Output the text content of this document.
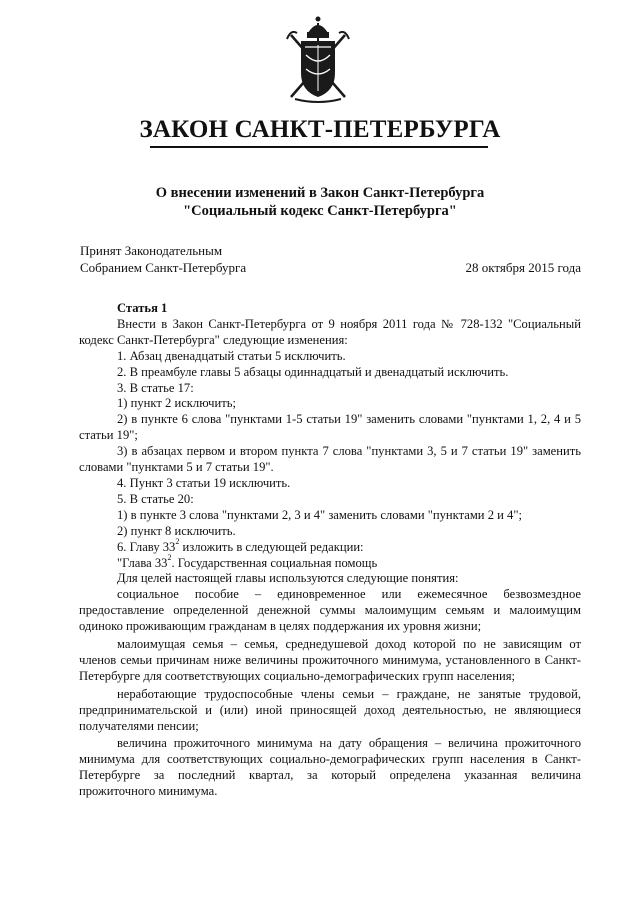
ЗАКОН САНКТ-ПЕТЕРБУРГА
О внесении изменений в Закон Санкт-Петербурга
"Социальный кодекс Санкт-Петербурга"
Принят Законодательным
Собранием Санкт-Петербурга	28 октября 2015 года

Статья 1

Внести в Закон Санкт-Петербурга от 9 ноября 2011 года № 728-132 "Социальный

кодекс Санкт-Петербурга" следующие изменения:

1. Абзац двенадцатый статьи 5 исключить.

2. В преамбуле главы 5 абзацы одиннадцатый и двенадцатый исключить.

3. В статье 17:

1) пункт 2 исключить;

2) в пункте 6 слова "пунктами 1-5 статьи 19" заменить словами "пунктами 1, 2, 4 и 5

статьи 19";

3) в абзацах первом и втором пункта 7 слова "пунктами 3, 5 и 7 статьи 19" заменить

словами "пунктами 5 и 7 статьи 19".

4. Пункт 3 статьи 19 исключить.

5. В статье 20:

1) в пункте 3 слова "пунктами 2, 3 и 4" заменить словами "пунктами 2 и 4";

2) пункт 8 исключить.

6. Главу $33^2$ изложить в следующей редакции:

"Глава $33^2$. Государственная социальная помощь

Для целей настоящей главы используются следующие понятия:

социальное пособие – единовременное или ежемесячное безвозмездное

предоставление определенной денежной суммы малоимущим семьям и малоимущим

одиноко проживающим гражданам в целях поддержания их уровня жизни;

малоимущая семья – семья, среднедушевой доход которой по не зависящим от

членов семьи причинам ниже величины прожиточного минимума, установленного в Санкт-

Петербурге для соответствующих социально-демографических групп населения;

неработающие трудоспособные члены семьи – граждане, не занятые трудовой,

предпринимательской и (или) иной приносящей доход деятельностью, не являющиеся

получателями пенсии;

величина прожиточного минимума на дату обращения – величина прожиточного

минимума для соответствующих социально-демографических групп населения в Санкт-

Петербурге за последний квартал, за который определена указанная величина

прожиточного минимума.
